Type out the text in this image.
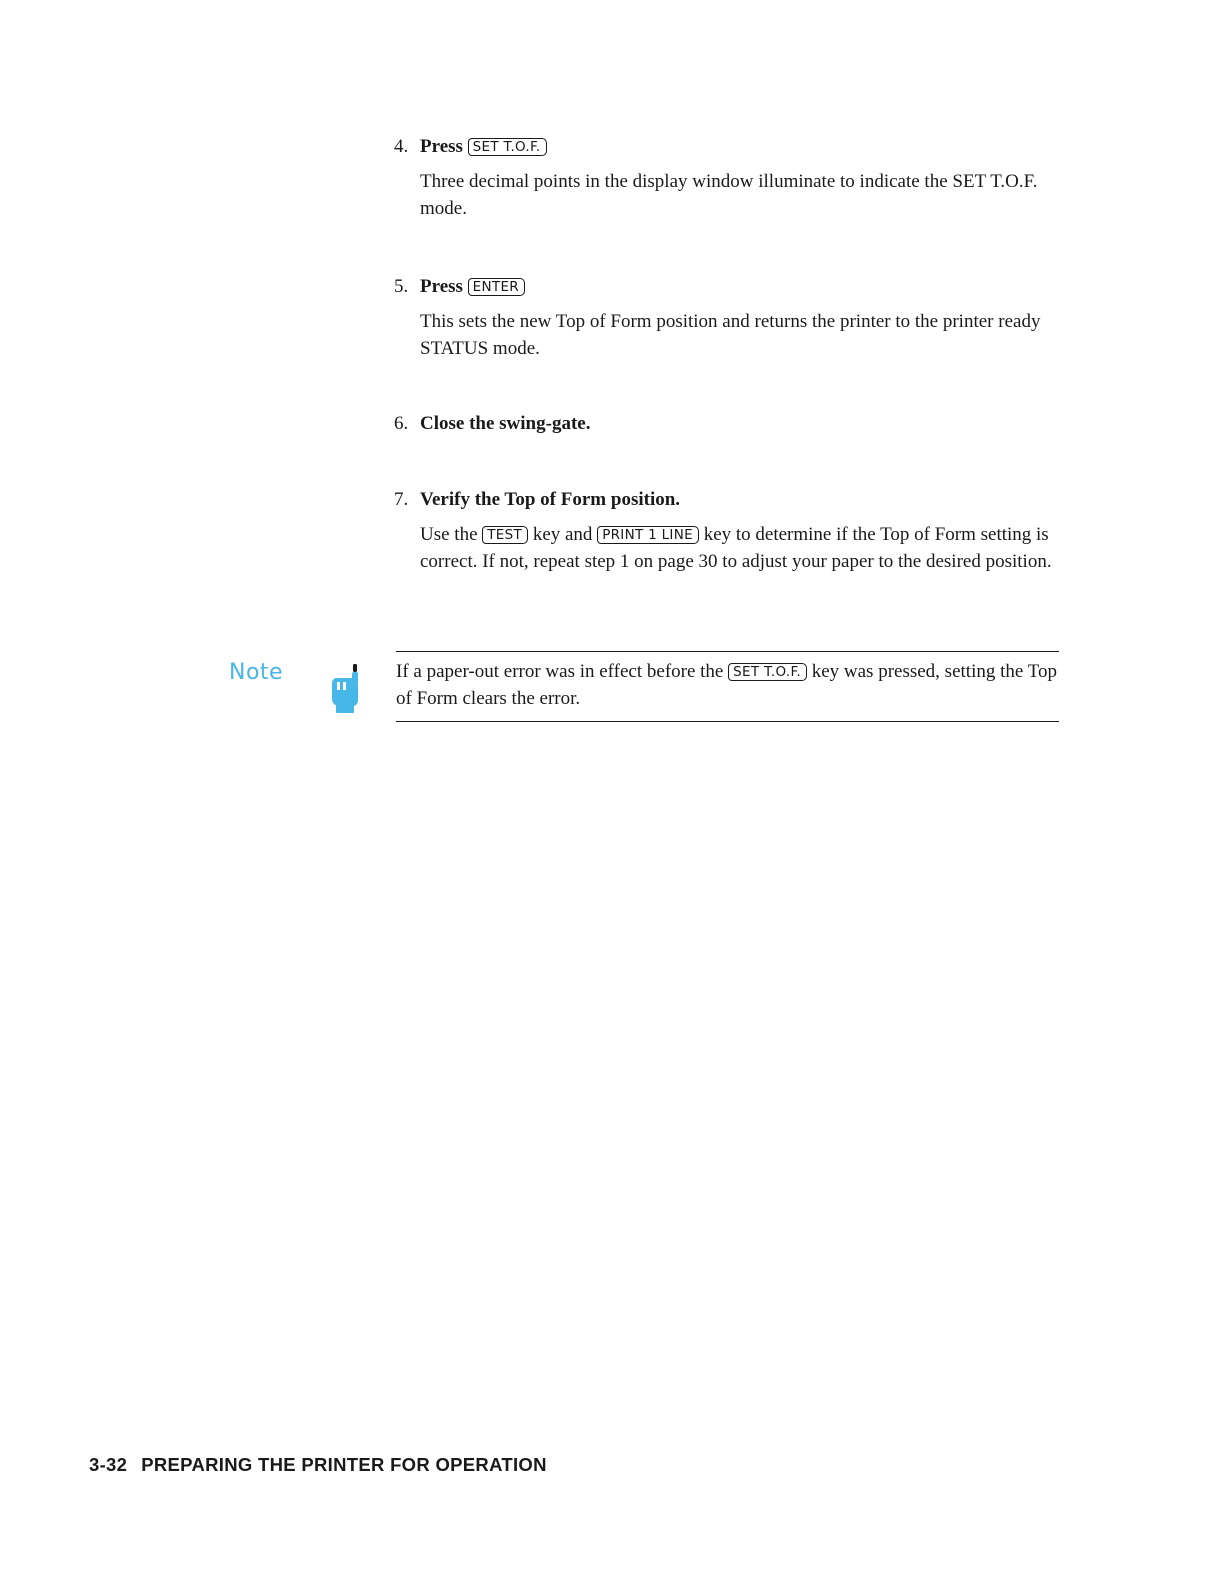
4. Press SET T.O.F.
Three decimal points in the display window illuminate to indicate the SET T.O.F. mode.
5. Press ENTER
This sets the new Top of Form position and returns the printer to the printer ready STATUS mode.
6. Close the swing-gate.
7. Verify the Top of Form position.
Use the TEST key and PRINT 1 LINE key to determine if the Top of Form setting is correct. If not, repeat step 1 on page 30 to adjust your paper to the desired position.
Note	If a paper-out error was in effect before the SET T.O.F. key was pressed, setting the Top of Form clears the error.
3-32 PREPARING THE PRINTER FOR OPERATION
